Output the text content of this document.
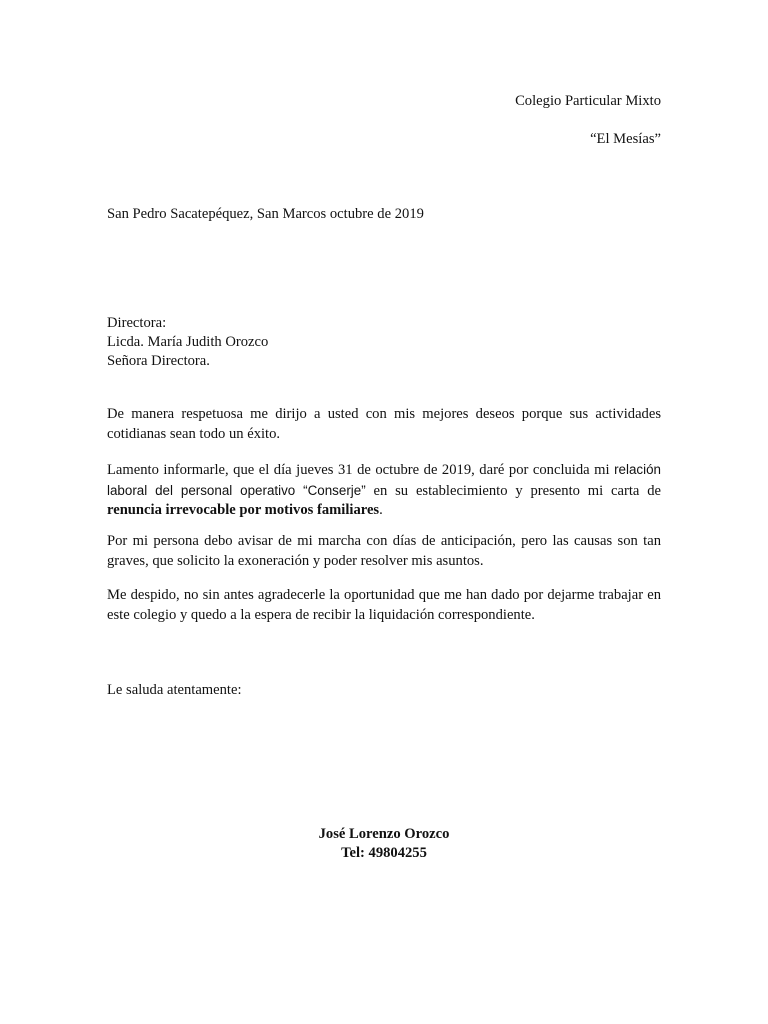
Colegio Particular Mixto
“El Mesías”
San Pedro Sacatepéquez, San Marcos octubre de 2019
Directora:
Licda. María Judith Orozco
Señora Directora.
De manera respetuosa me dirijo a usted con mis mejores deseos porque sus actividades cotidianas sean todo un éxito.
Lamento informarle, que el día jueves 31 de octubre de 2019, daré por concluida mi relación laboral del personal operativo “Conserje” en su establecimiento y presento mi carta de renuncia irrevocable por motivos familiares.
Por mi persona debo avisar de mi marcha con días de anticipación, pero las causas son tan graves, que solicito la exoneración y poder resolver mis asuntos.
Me despido, no sin antes agradecerle la oportunidad que me han dado por dejarme trabajar en este colegio y quedo a la espera de recibir la liquidación correspondiente.
Le saluda atentamente:
José Lorenzo Orozco
Tel: 49804255
